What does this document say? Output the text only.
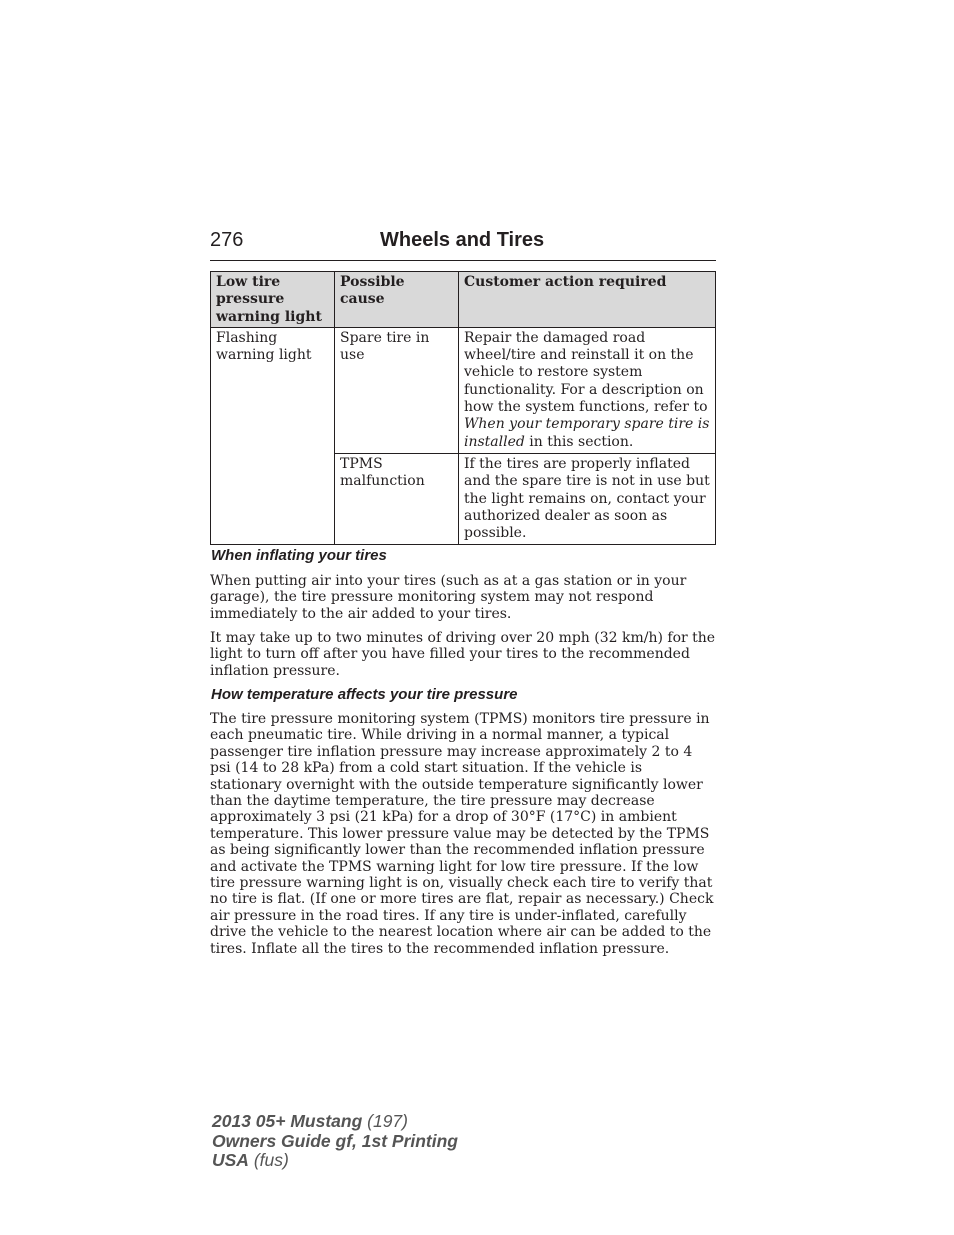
276	Wheels and Tires
Low tire pressure warning light	Possible cause	Customer action required
Flashing warning light	Spare tire in use	Repair the damaged road wheel/tire and reinstall it on the vehicle to restore system functionality. For a description on how the system functions, refer to When your temporary spare tire is installed in this section.
	TPMS malfunction	If the tires are properly inflated and the spare tire is not in use but the light remains on, contact your authorized dealer as soon as possible.
When inflating your tires

When putting air into your tires (such as at a gas station or in your garage), the tire pressure monitoring system may not respond immediately to the air added to your tires.

It may take up to two minutes of driving over 20 mph (32 km/h) for the light to turn off after you have filled your tires to the recommended inflation pressure.

How temperature affects your tire pressure

The tire pressure monitoring system (TPMS) monitors tire pressure in each pneumatic tire. While driving in a normal manner, a typical passenger tire inflation pressure may increase approximately 2 to 4 psi (14 to 28 kPa) from a cold start situation. If the vehicle is stationary overnight with the outside temperature significantly lower than the daytime temperature, the tire pressure may decrease approximately 3 psi (21 kPa) for a drop of 30°F (17°C) in ambient temperature. This lower pressure value may be detected by the TPMS as being significantly lower than the recommended inflation pressure and activate the TPMS warning light for low tire pressure. If the low tire pressure warning light is on, visually check each tire to verify that no tire is flat. (If one or more tires are flat, repair as necessary.) Check air pressure in the road tires. If any tire is under-inflated, carefully drive the vehicle to the nearest location where air can be added to the tires. Inflate all the tires to the recommended inflation pressure.

2013 05+ Mustang (197)
Owners Guide gf, 1st Printing
USA (fus)
